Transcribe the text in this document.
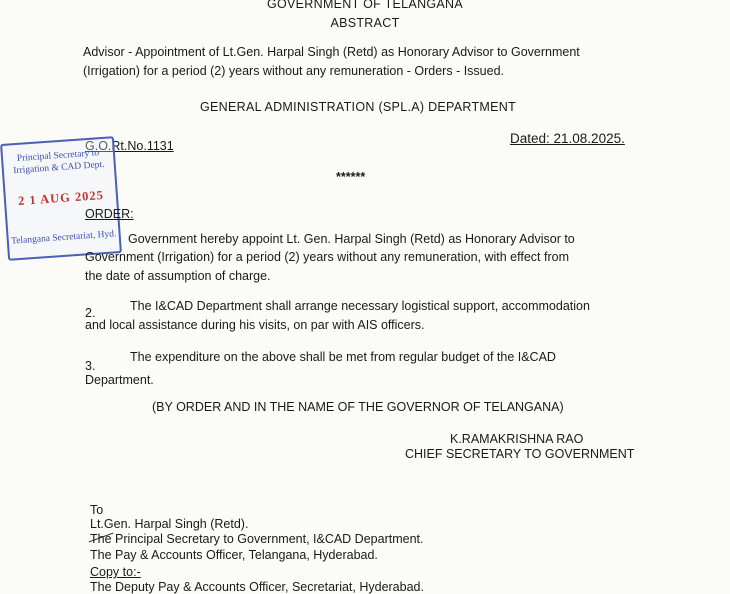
GOVERNMENT OF TELANGANA
ABSTRACT
Advisor - Appointment of Lt.Gen. Harpal Singh (Retd) as Honorary Advisor to Government
(Irrigation) for a period (2) years without any remuneration - Orders - Issued.
GENERAL ADMINISTRATION (SPL.A) DEPARTMENT
G.O.Rt.No.1131	Dated: 21.08.2025.
******
Principal Secretary to
Irrigation & CAD Dept.
2 1 AUG 2025
Telangana Secretariat, Hyd.
ORDER:
Government hereby appoint Lt. Gen. Harpal Singh (Retd) as Honorary Advisor to
Government (Irrigation) for a period (2) years without any remuneration, with effect from
the date of assumption of charge.
2.	The I&CAD Department shall arrange necessary logistical support, accommodation
and local assistance during his visits, on par with AIS officers.
3.
The expenditure on the above shall be met from regular budget of the I&CAD
Department.
(BY ORDER AND IN THE NAME OF THE GOVERNOR OF TELANGANA)
K.RAMAKRISHNA RAO
CHIEF SECRETARY TO GOVERNMENT
To
Lt.Gen. Harpal Singh (Retd).
The Principal Secretary to Government, I&CAD Department.
The Pay & Accounts Officer, Telangana, Hyderabad.
Copy to:-
The Deputy Pay & Accounts Officer, Secretariat, Hyderabad.
